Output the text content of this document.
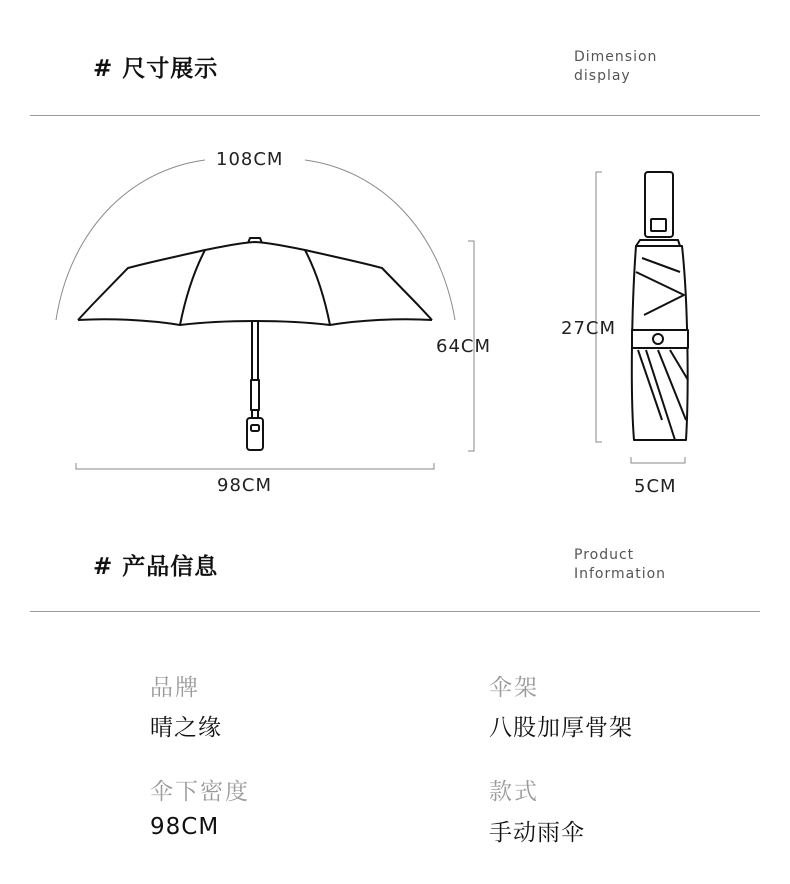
# 尺寸展示	Dimension
display
108CM
98CM
64CM
27CM
5CM
# 产品信息	Product
Information
品牌
晴之缘
伞架
八股加厚骨架
伞下密度
98CM
款式
手动雨伞
